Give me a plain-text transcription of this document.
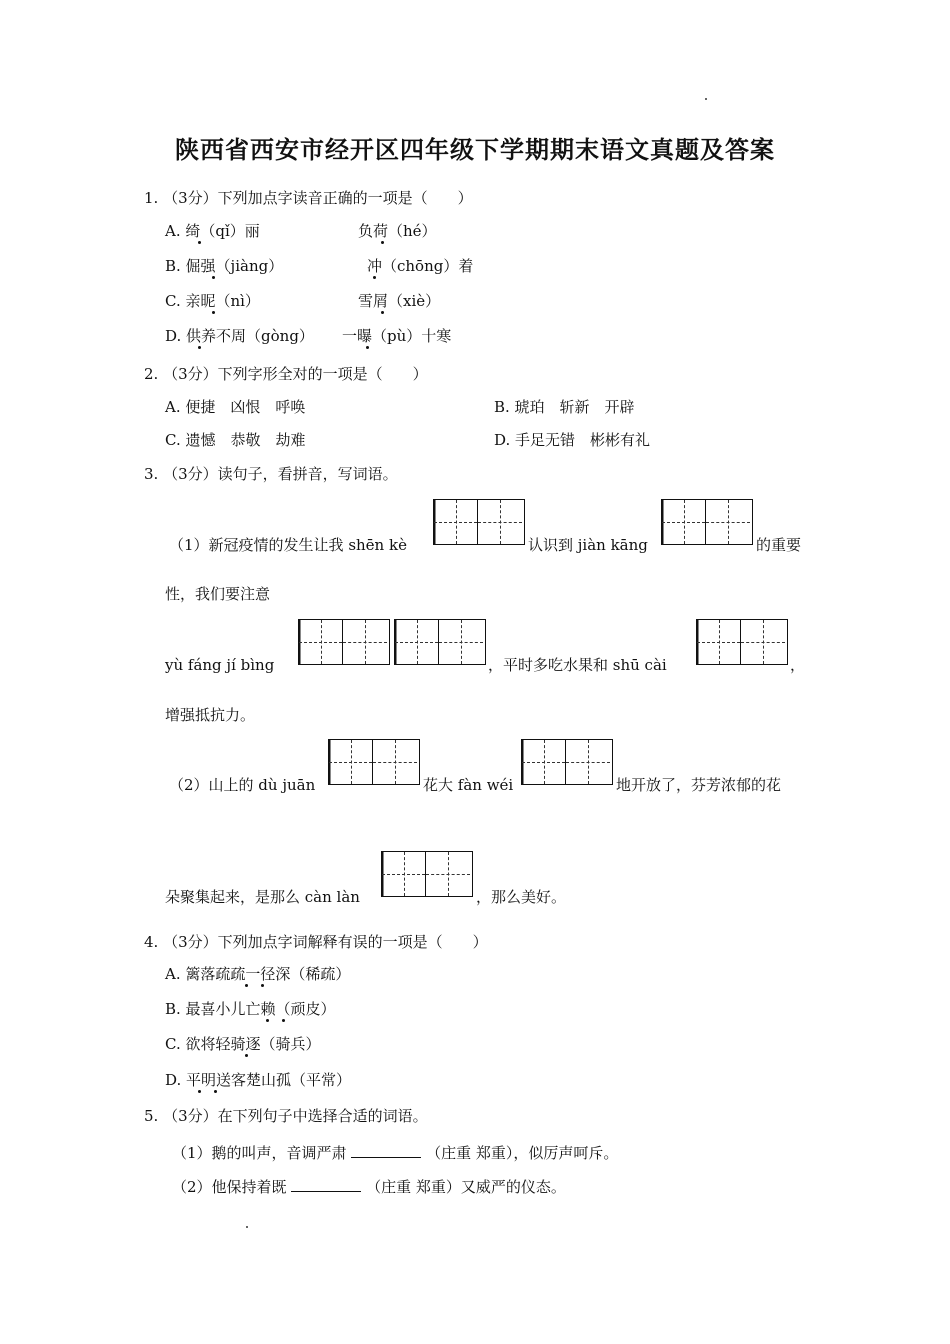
陕西省西安市经开区四年级下学期期末语文真题及答案
1. （3分）下列加点字读音正确的一项是（　　）
A. 绮（qǐ）丽	负荷（hé）
B. 倔强（jiàng）	冲（chōng）着
C. 亲昵（nì）	雪屑（xiè）
D. 供养不周（gòng） 一曝（pù）十寒
2. （3分）下列字形全对的一项是（　　）
A. 便捷　凶恨　呼唤	B. 琥珀　斩新　开辟
C. 遗憾　恭敬　劫难	D. 手足无错　彬彬有礼
3. （3分）读句子，看拼音，写词语。
（1）新冠疫情的发生让我 shēn kè	认识到 jiàn kāng	的重要
性，我们要注意
yù fáng jí bìng	，平时多吃水果和 shū cài	，
增强抵抗力。
（2）山上的 dù juān	花大 fàn wéi	地开放了，芬芳浓郁的花
朵聚集起来，是那么 càn làn	，那么美好。
4. （3分）下列加点字词解释有误的一项是（　　）
A. 篱落疏疏一径深（稀疏）
B. 最喜小儿亡赖（顽皮）
C. 欲将轻骑逐（骑兵）
D. 平明送客楚山孤（平常）
5. （3分）在下列句子中选择合适的词语。
（1）鹅的叫声，音调严肃	（庄重 郑重），似厉声呵斥。
（2）他保持着既	（庄重 郑重）又威严的仪态。
